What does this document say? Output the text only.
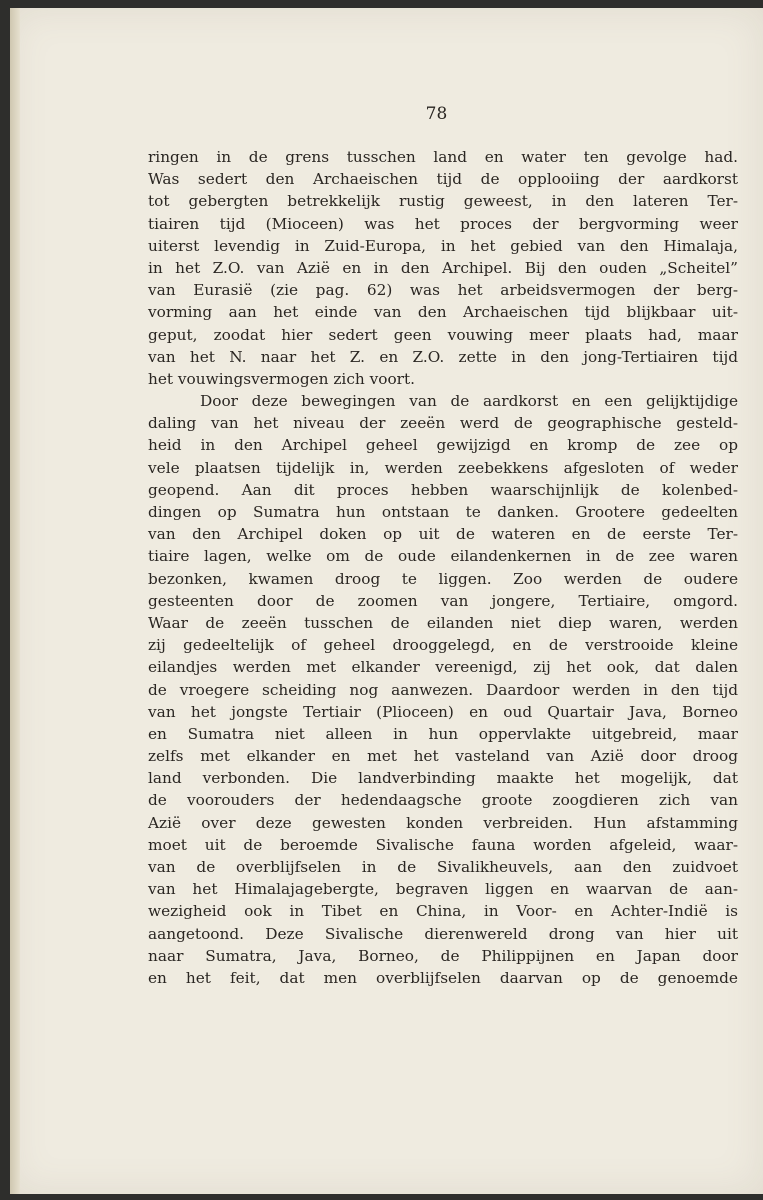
78
ringen in de grens tusschen land en water ten gevolge had.
Was sedert den Archaeischen tijd de opplooiing der aardkorst
tot gebergten betrekkelijk rustig geweest, in den lateren Ter-
tiairen tijd (Mioceen) was het proces der bergvorming weer
uiterst levendig in Zuid-Europa, in het gebied van den Himalaja,
in het Z.O. van Azië en in den Archipel. Bij den ouden „Scheitel”
van Eurasië (zie pag. 62) was het arbeidsvermogen der berg-
vorming aan het einde van den Archaeischen tijd blijkbaar uit-
geput, zoodat hier sedert geen vouwing meer plaats had, maar
van het N. naar het Z. en Z.O. zette in den jong-Tertiairen tijd
het vouwingsvermogen zich voort.
Door deze bewegingen van de aardkorst en een gelijktijdige
daling van het niveau der zeeën werd de geographische gesteld-
heid in den Archipel geheel gewijzigd en kromp de zee op
vele plaatsen tijdelijk in, werden zeebekkens afgesloten of weder
geopend. Aan dit proces hebben waarschijnlijk de kolenbed-
dingen op Sumatra hun ontstaan te danken. Grootere gedeelten
van den Archipel doken op uit de wateren en de eerste Ter-
tiaire lagen, welke om de oude eilandenkernen in de zee waren
bezonken, kwamen droog te liggen. Zoo werden de oudere
gesteenten door de zoomen van jongere, Tertiaire, omgord.
Waar de zeeën tusschen de eilanden niet diep waren, werden
zij gedeeltelijk of geheel drooggelegd, en de verstrooide kleine
eilandjes werden met elkander vereenigd, zij het ook, dat dalen
de vroegere scheiding nog aanwezen. Daardoor werden in den tijd
van het jongste Tertiair (Plioceen) en oud Quartair Java, Borneo
en Sumatra niet alleen in hun oppervlakte uitgebreid, maar
zelfs met elkander en met het vasteland van Azië door droog
land verbonden. Die landverbinding maakte het mogelijk, dat
de voorouders der hedendaagsche groote zoogdieren zich van
Azië over deze gewesten konden verbreiden. Hun afstamming
moet uit de beroemde Sivalische fauna worden afgeleid, waar-
van de overblijfselen in de Sivalikheuvels, aan den zuidvoet
van het Himalajagebergte, begraven liggen en waarvan de aan-
wezigheid ook in Tibet en China, in Voor- en Achter-Indië is
aangetoond. Deze Sivalische dierenwereld drong van hier uit
naar Sumatra, Java, Borneo, de Philippijnen en Japan door
en het feit, dat men overblijfselen daarvan op de genoemde
